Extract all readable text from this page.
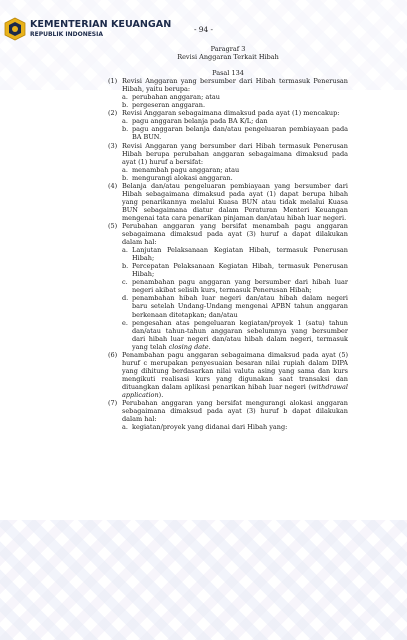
KEMENTERIAN KEUANGAN
REPUBLIK INDONESIA
- 94 -
Paragraf 3
Revisi Anggaran Terkait Hibah
Pasal 134
(1) Revisi Anggaran yang bersumber dari Hibah termasuk Penerusan Hibah, yaitu berupa:
a. perubahan anggaran; atau
b. pergeseran anggaran.
(2) Revisi Anggaran sebagaimana dimaksud pada ayat (1) mencakup:
a. pagu anggaran belanja pada BA K/L; dan
b. pagu anggaran belanja dan/atau pengeluaran pembiayaan pada BA BUN.
(3) Revisi Anggaran yang bersumber dari Hibah termasuk Penerusan Hibah berupa perubahan anggaran sebagaimana dimaksud pada ayat (1) huruf a bersifat:
a. menambah pagu anggaran; atau
b. mengurangi alokasi anggaran.
(4) Belanja dan/atau pengeluaran pembiayaan yang bersumber dari Hibah sebagaimana dimaksud pada ayat (1) dapat berupa hibah yang penarikannya melalui Kuasa BUN atau tidak melalui Kuasa BUN sebagaimana diatur dalam Peraturan Menteri Keuangan mengenai tata cara penarikan pinjaman dan/atau hibah luar negeri.
(5) Perubahan anggaran yang bersifat menambah pagu anggaran sebagaimana dimaksud pada ayat (3) huruf a dapat dilakukan dalam hal:
a. Lanjutan Pelaksanaan Kegiatan Hibah, termasuk Penerusan Hibah;
b. Percepatan Pelaksanaan Kegiatan Hibah, termasuk Penerusan Hibah;
c. penambahan pagu anggaran yang bersumber dari hibah luar negeri akibat selisih kurs, termasuk Penerusan Hibah;
d. penambahan hibah luar negeri dan/atau hibah dalam negeri baru setelah Undang-Undang mengenai APBN tahun anggaran berkenaan ditetapkan; dan/atau
e. pengesahan atas pengeluaran kegiatan/proyek 1 (satu) tahun dan/atau tahun-tahun anggaran sebelumnya yang bersumber dari hibah luar negeri dan/atau hibah dalam negeri, termasuk yang telah closing date.
(6) Penambahan pagu anggaran sebagaimana dimaksud pada ayat (5) huruf c merupakan penyesuaian besaran nilai rupiah dalam DIPA yang dihitung berdasarkan nilai valuta asing yang sama dan kurs mengikuti realisasi kurs yang digunakan saat transaksi dan dituangkan dalam aplikasi penarikan hibah luar negeri (withdrawal application).
(7) Perubahan anggaran yang bersifat mengurangi alokasi anggaran sebagaimana dimaksud pada ayat (3) huruf b dapat dilakukan dalam hal:
a. kegiatan/proyek yang didanai dari Hibah yang:
